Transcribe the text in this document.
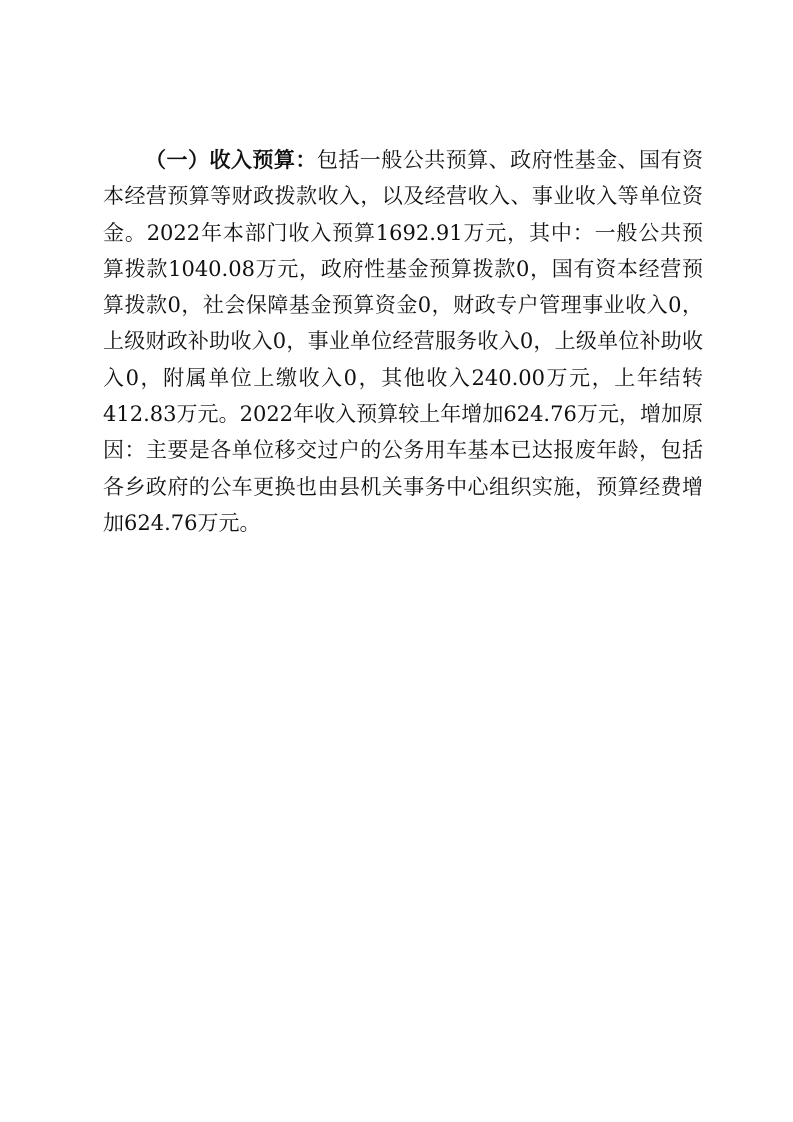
（一）收入预算：包括一般公共预算、政府性基金、国有资本经营预算等财政拨款收入，以及经营收入、事业收入等单位资金。2022年本部门收入预算1692.91万元，其中：一般公共预算拨款1040.08万元，政府性基金预算拨款0，国有资本经营预算拨款0，社会保障基金预算资金0，财政专户管理事业收入0，上级财政补助收入0，事业单位经营服务收入0，上级单位补助收入0，附属单位上缴收入0，其他收入240.00万元，上年结转412.83万元。2022年收入预算较上年增加624.76万元，增加原因：主要是各单位移交过户的公务用车基本已达报废年龄，包括各乡政府的公车更换也由县机关事务中心组织实施，预算经费增加624.76万元。
